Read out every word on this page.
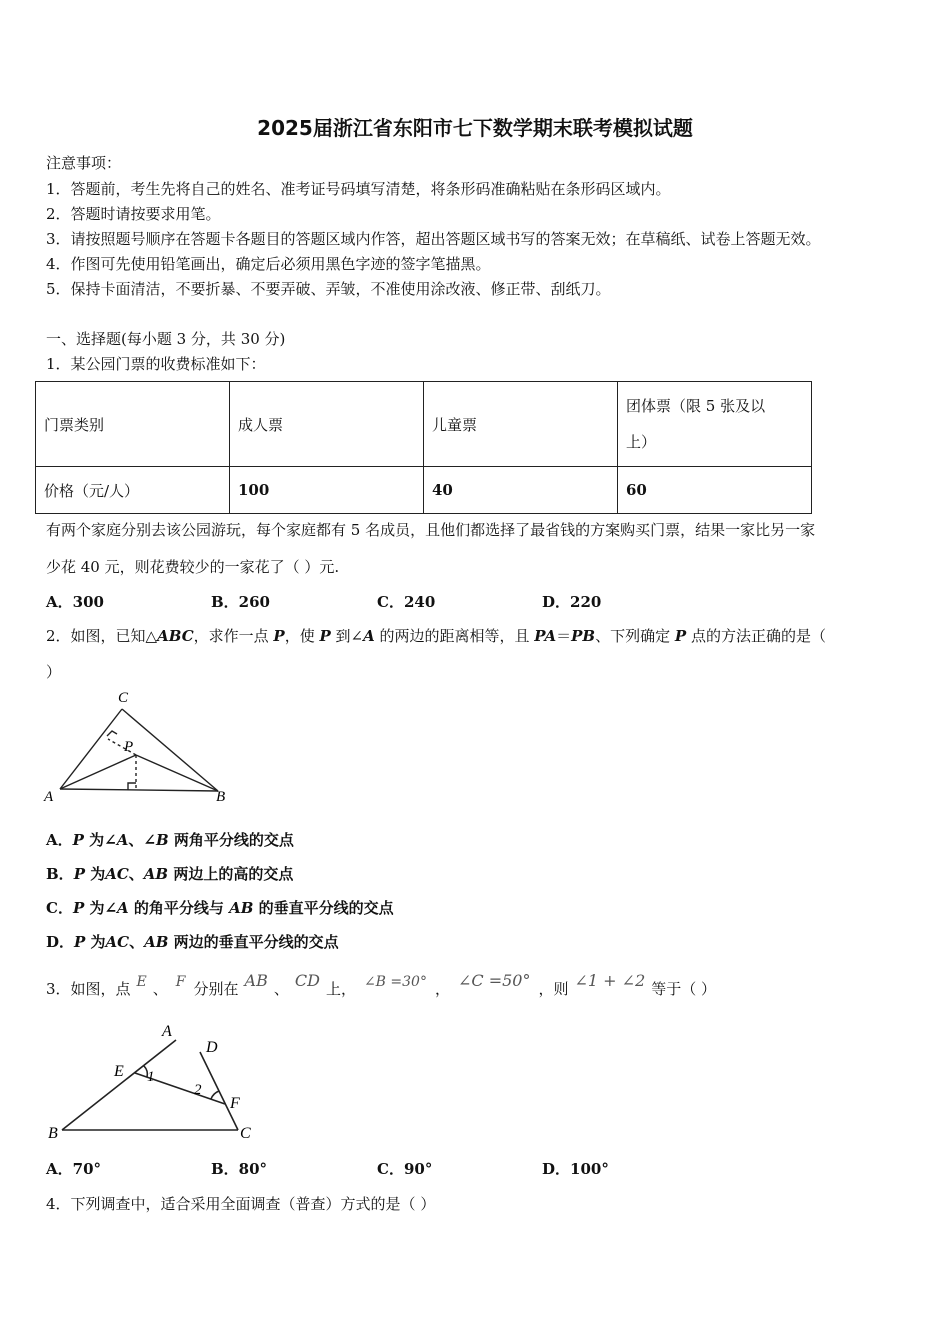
2025届浙江省东阳市七下数学期末联考模拟试题
注意事项：
1．答题前，考生先将自己的姓名、准考证号码填写清楚，将条形码准确粘贴在条形码区域内。
2．答题时请按要求用笔。
3．请按照题号顺序在答题卡各题目的答题区域内作答，超出答题区域书写的答案无效；在草稿纸、试卷上答题无效。
4．作图可先使用铅笔画出，确定后必须用黑色字迹的签字笔描黑。
5．保持卡面清洁，不要折暴、不要弄破、弄皱，不准使用涂改液、修正带、刮纸刀。
一、选择题(每小题 3 分，共 30 分)
1．某公园门票的收费标准如下：
门票类别	成人票	儿童票	团体票（限 5 张及以
上）

价格（元/人）	100	40	60
有两个家庭分别去该公园游玩，每个家庭都有 5 名成员，且他们都选择了最省钱的方案购买门票，结果一家比另一家
少花 40 元，则花费较少的一家花了（ ）元.
A．300	B．260	C．240	D．220
2．如图，已知△ABC，求作一点 P，使 P 到∠A 的两边的距离相等，且 PA＝PB、下列确定 P 点的方法正确的是（
）
C
P
A	B
A．P 为∠A、∠B 两角平分线的交点
B．P 为AC、AB 两边上的高的交点
C．P 为∠A 的角平分线与 AB 的垂直平分线的交点
D．P 为AC、AB 两边的垂直平分线的交点
3．如图，点 E 、 F 分别在 AB 、 CD 上， ∠B =30° ， ∠C =50° ，则 ∠1 + ∠2 等于（ ）
A
D
E 1
2
F
B	C
A．70°	B．80°	C．90°	D．100°
4．下列调查中，适合采用全面调查（普查）方式的是（ ）
